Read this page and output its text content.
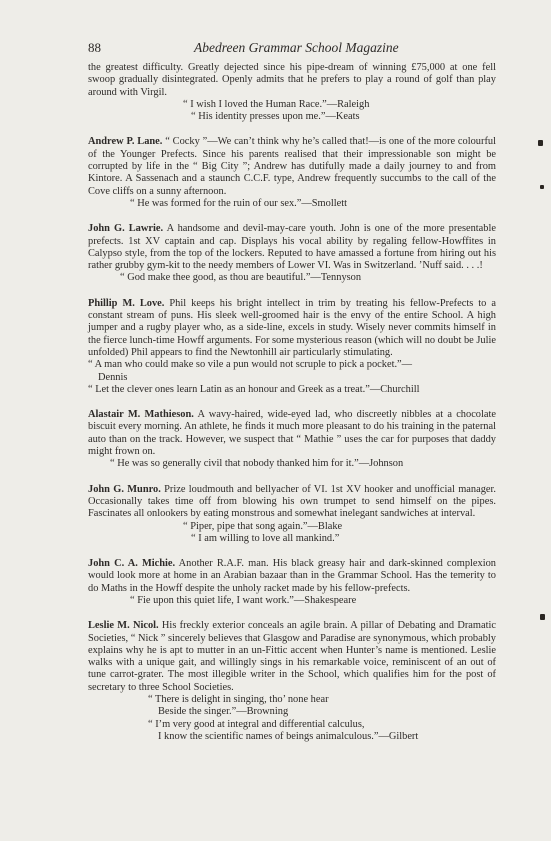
88	Abedreen Grammar School Magazine

the greatest difficulty. Greatly dejected since his pipe-dream of winning £75,000 at one fell swoop gradually disintegrated. Openly admits that he prefers to play a round of golf than play around with Virgil.

“ I wish I loved the Human Race.”—Raleigh

“ His identity presses upon me.”—Keats

Andrew P. Lane. “ Cocky ”—We can’t think why he’s called that!—is one of the more colourful of the Younger Prefects. Since his parents realised that their impressionable son might be corrupted by life in the “ Big City ”; Andrew has dutifully made a daily journey to and from Kintore. A Sassenach and a staunch C.C.F. type, Andrew frequently succumbs to the call of the Cove cliffs on a sunny afternoon.

“ He was formed for the ruin of our sex.”—Smollett

John G. Lawrie. A handsome and devil-may-care youth. John is one of the more presentable prefects. 1st XV captain and cap. Displays his vocal ability by regaling fellow-Howffites in Calypso style, from the top of the lockers. Reputed to have amassed a fortune from hiring out his rather grubby gym-kit to the needy members of Lower VI. Was in Switzerland. ’Nuff said. . . .!

“ God make thee good, as thou are beautiful.”—Tennyson

Phillip M. Love. Phil keeps his bright intellect in trim by treating his fellow-Prefects to a constant stream of puns. His sleek well-groomed hair is the envy of the entire School. A high jumper and a rugby player who, as a side-line, excels in study. Wisely never commits himself in the fierce lunch-time Howff arguments. For some mysterious reason (which will no doubt be Julie unfolded) Phil appears to find the Newtonhill air particularly stimulating.

“ A man who could make so vile a pun would not scruple to pick a pocket.”—

Dennis

“ Let the clever ones learn Latin as an honour and Greek as a treat.”—Churchill

Alastair M. Mathieson. A wavy-haired, wide-eyed lad, who discreetly nibbles at a chocolate biscuit every morning. An athlete, he finds it much more pleasant to do his training in the paternal auto than on the track. However, we suspect that “ Mathie ” uses the car for purposes that daddy might frown on.

“ He was so generally civil that nobody thanked him for it.”—Johnson

John G. Munro. Prize loudmouth and bellyacher of VI. 1st XV hooker and unofficial manager. Occasionally takes time off from blowing his own trumpet to send himself on the pipes. Fascinates all onlookers by eating monstrous and somewhat inelegant sandwiches at interval.

“ Piper, pipe that song again.”—Blake

“ I am willing to love all mankind.”

John C. A. Michie. Another R.A.F. man. His black greasy hair and dark-skinned complexion would look more at home in an Arabian bazaar than in the Grammar School. Has the temerity to do Maths in the Howff despite the unholy racket made by his fellow-prefects.

“ Fie upon this quiet life, I want work.”—Shakespeare

Leslie M. Nicol. His freckly exterior conceals an agile brain. A pillar of Debating and Dramatic Societies, “ Nick ” sincerely believes that Glasgow and Paradise are synonymous, which probably explains why he is apt to mutter in an un-Fittic accent when Hunter’s name is mentioned. Leslie walks with a unique gait, and willingly sings in his remarkable voice, reminiscent of an out of tune carrot-grater. The most illegible writer in the School, which qualifies him for the post of secretary to three School Societies.

“ There is delight in singing, tho’ none hear

Beside the singer.”—Browning

“ I’m very good at integral and differential calculus,

I know the scientific names of beings animalculous.”—Gilbert
